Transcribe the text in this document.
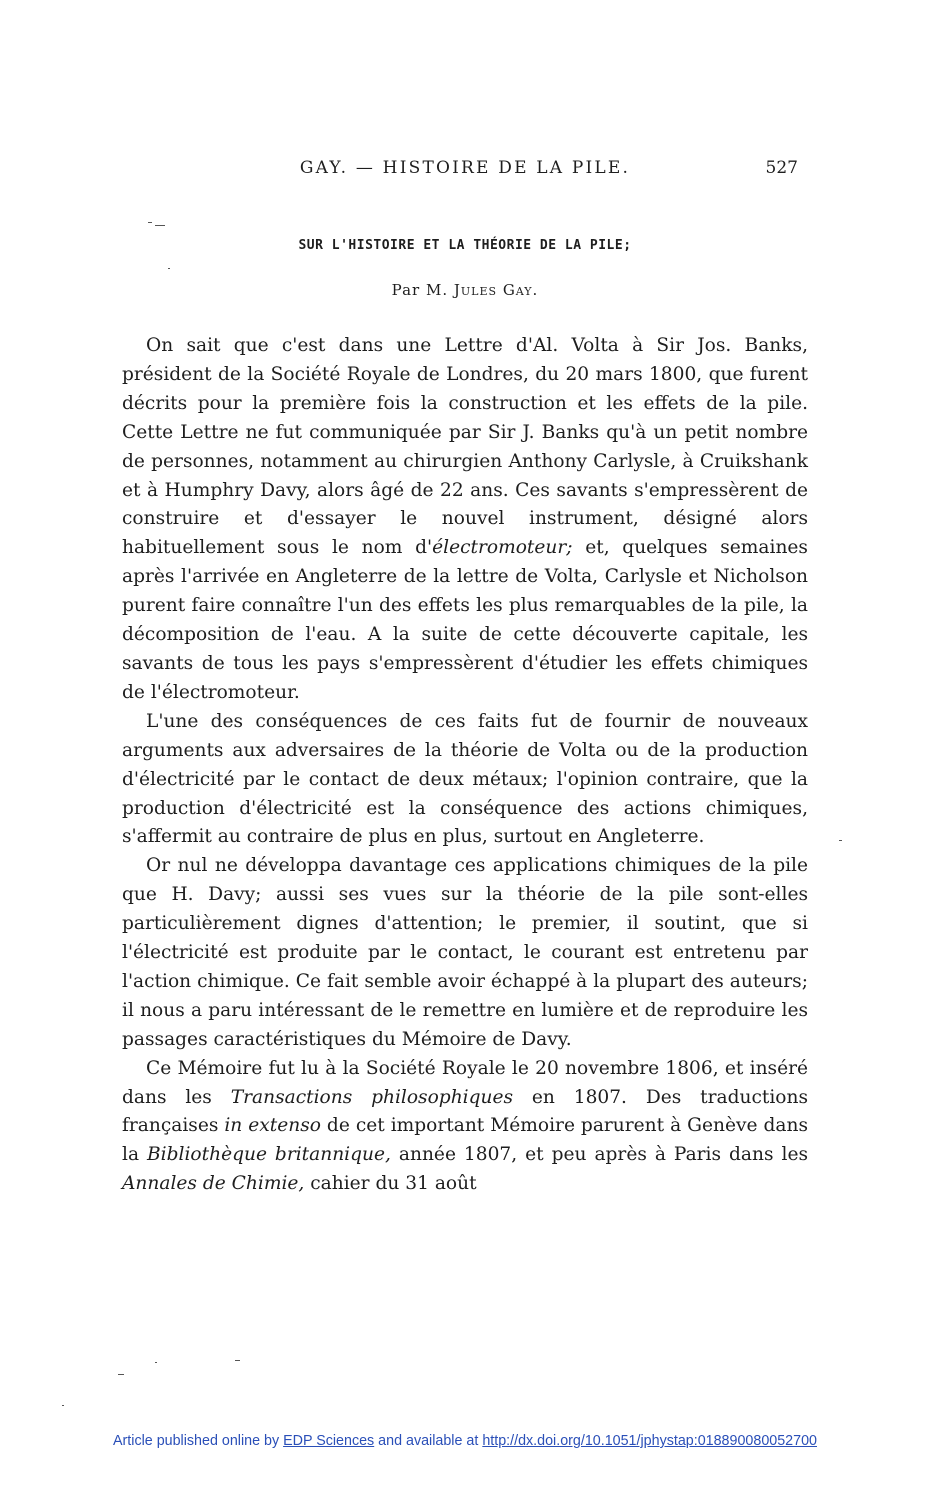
GAY. — HISTOIRE DE LA PILE.	527
SUR L'HISTOIRE ET LA THÉORIE DE LA PILE;
Par M. Jules Gay.

On sait que c'est dans une Lettre d'Al. Volta à Sir Jos. Banks, président de la Société Royale de Londres, du 20 mars 1800, que furent décrits pour la première fois la construction et les effets de la pile. Cette Lettre ne fut communiquée par Sir J. Banks qu'à un petit nombre de personnes, notamment au chirurgien Anthony Carlysle, à Cruikshank et à Humphry Davy, alors âgé de 22 ans. Ces savants s'empressèrent de construire et d'essayer le nouvel instrument, désigné alors habituellement sous le nom d'électromoteur; et, quelques semaines après l'arrivée en Angleterre de la lettre de Volta, Carlysle et Nicholson purent faire connaître l'un des effets les plus remarquables de la pile, la décomposition de l'eau. A la suite de cette découverte capitale, les savants de tous les pays s'empressèrent d'étudier les effets chimiques de l'électromoteur.

L'une des conséquences de ces faits fut de fournir de nouveaux arguments aux adversaires de la théorie de Volta ou de la production d'électricité par le contact de deux métaux; l'opinion contraire, que la production d'électricité est la conséquence des actions chimiques, s'affermit au contraire de plus en plus, surtout en Angleterre.

Or nul ne développa davantage ces applications chimiques de la pile que H. Davy; aussi ses vues sur la théorie de la pile sont-elles particulièrement dignes d'attention; le premier, il soutint, que si l'électricité est produite par le contact, le courant est entretenu par l'action chimique. Ce fait semble avoir échappé à la plupart des auteurs; il nous a paru intéressant de le remettre en lumière et de reproduire les passages caractéristiques du Mémoire de Davy.

Ce Mémoire fut lu à la Société Royale le 20 novembre 1806, et inséré dans les Transactions philosophiques en 1807. Des traductions françaises in extenso de cet important Mémoire parurent à Genève dans la Bibliothèque britannique, année 1807, et peu après à Paris dans les Annales de Chimie, cahier du 31 août

Article published online by EDP Sciences and available at http://dx.doi.org/10.1051/jphystap:018890080052700
